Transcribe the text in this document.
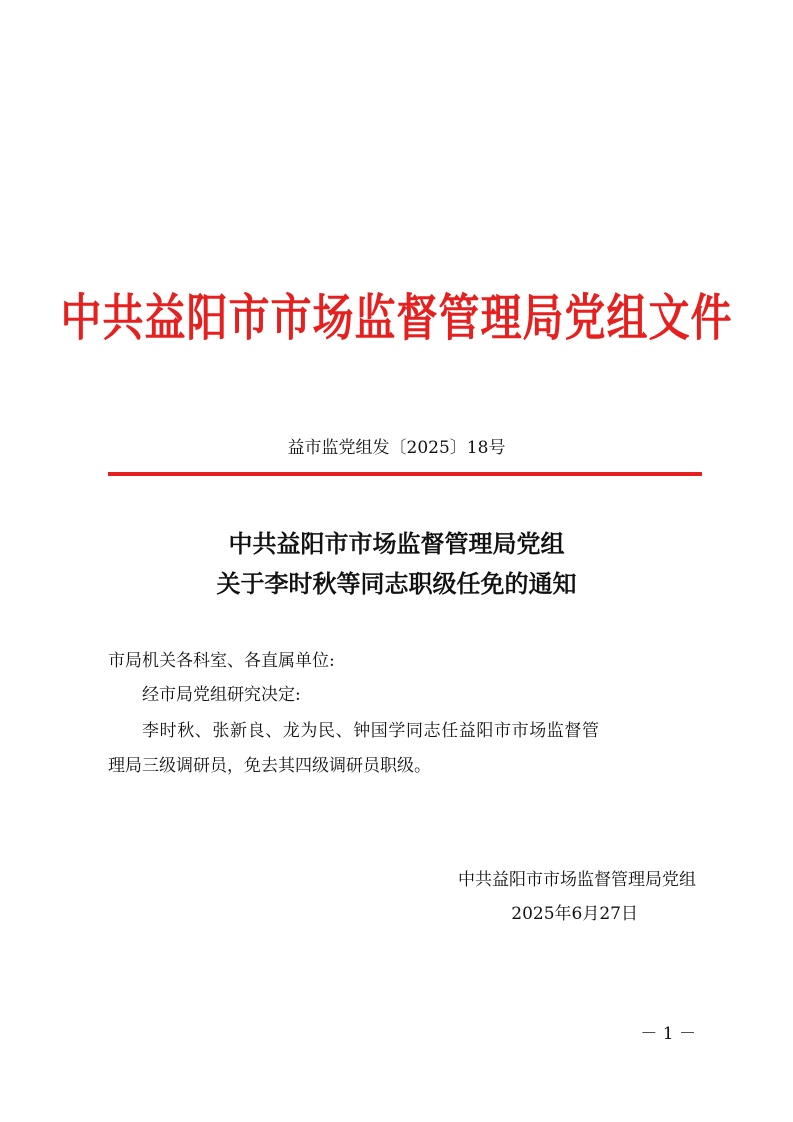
中共益阳市市场监督管理局党组文件
益市监党组发〔2025〕18号
中共益阳市市场监督管理局党组
关于李时秋等同志职级任免的通知
市局机关各科室、各直属单位:
经市局党组研究决定:
李时秋、张新良、龙为民、钟国学同志任益阳市市场监督管
理局三级调研员，免去其四级调研员职级。
中共益阳市市场监督管理局党组
2025年6月27日
－ 1 －
